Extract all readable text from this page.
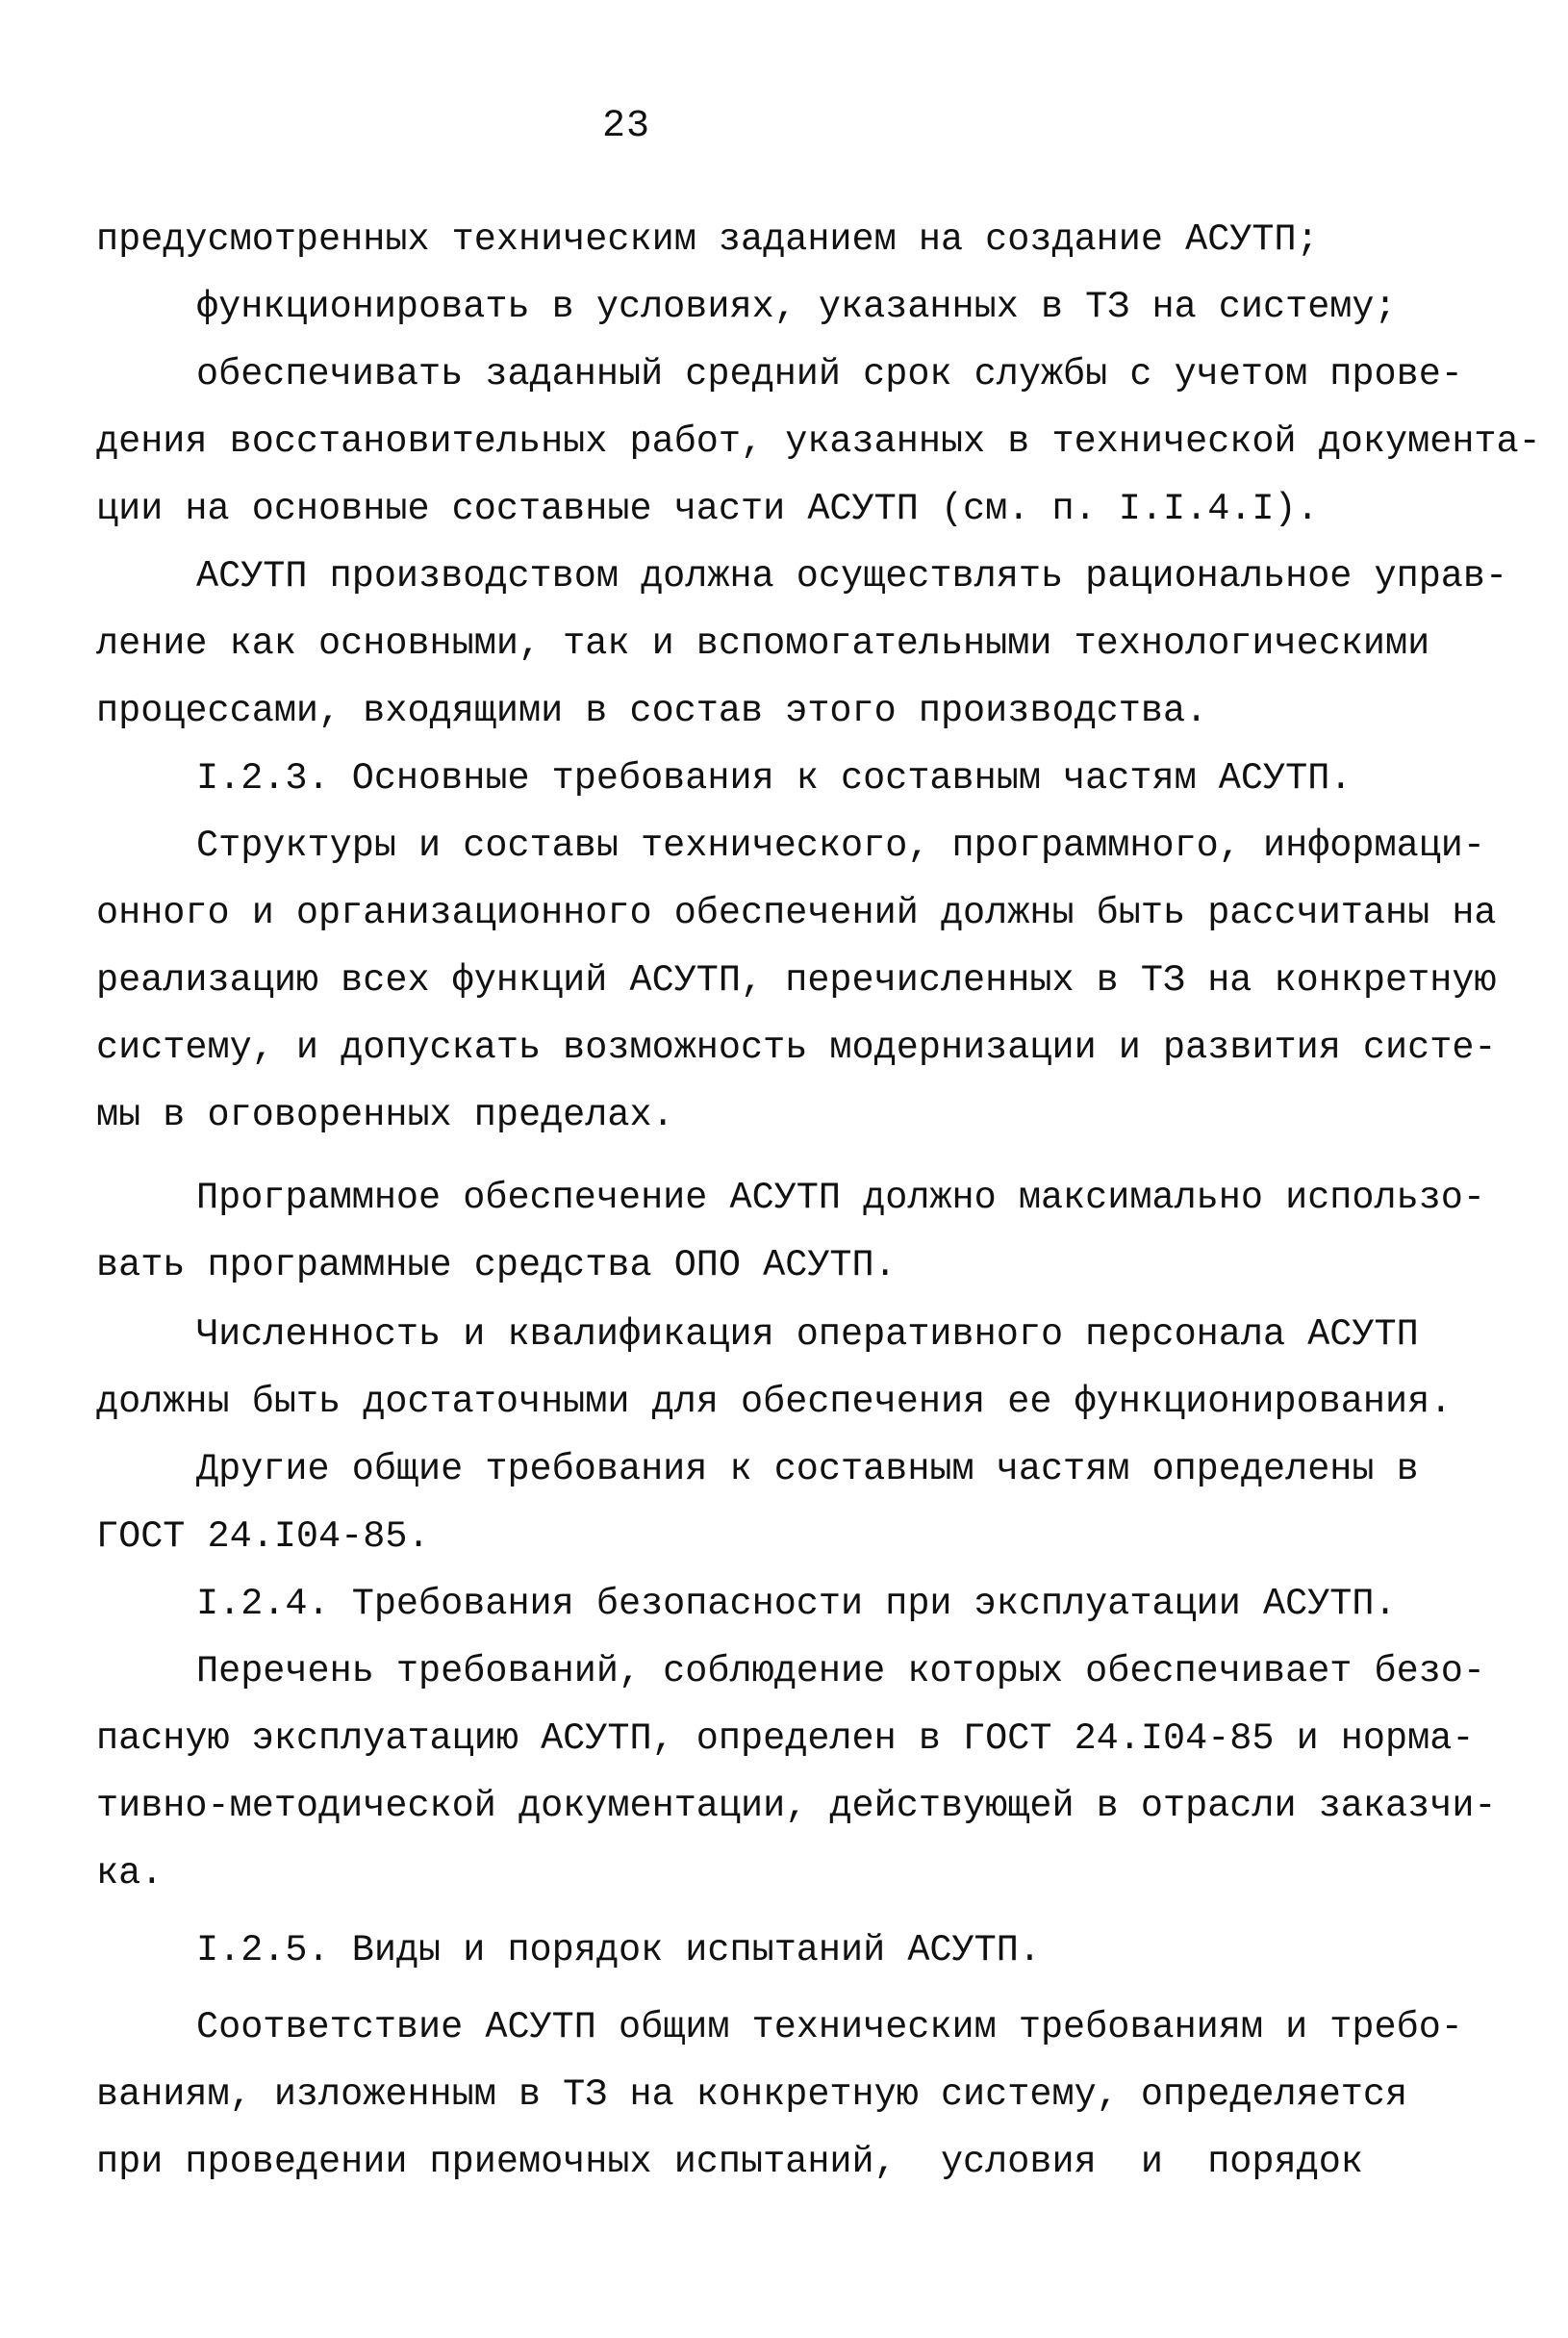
23
предусмотренных техническим заданием на создание АСУТП;
функционировать в условиях, указанных в ТЗ на систему;
обеспечивать заданный средний срок службы с учетом прове-
дения восстановительных работ, указанных в технической документа-
ции на основные составные части АСУТП (см. п. I.I.4.I).
АСУТП производством должна осуществлять рациональное управ-
ление как основными, так и вспомогательными технологическими
процессами, входящими в состав этого производства.
I.2.3. Основные требования к составным частям АСУТП.
Структуры и составы технического, программного, информаци-
онного и организационного обеспечений должны быть рассчитаны на
реализацию всех функций АСУТП, перечисленных в ТЗ на конкретную
систему, и допускать возможность модернизации и развития систе-
мы в оговоренных пределах.
Программное обеспечение АСУТП должно максимально использо-
вать программные средства ОПО АСУТП.
Численность и квалификация оперативного персонала АСУТП
должны быть достаточными для обеспечения ее функционирования.
Другие общие требования к составным частям определены в
ГОСТ 24.I04-85.
I.2.4. Требования безопасности при эксплуатации АСУТП.
Перечень требований, соблюдение которых обеспечивает безо-
пасную эксплуатацию АСУТП, определен в ГОСТ 24.I04-85 и норма-
тивно-методической документации, действующей в отрасли заказчи-
ка.
I.2.5. Виды и порядок испытаний АСУТП.
Соответствие АСУТП общим техническим требованиям и требо-
ваниям, изложенным в ТЗ на конкретную систему, определяется
при проведении приемочных испытаний,  условия  и  порядок
